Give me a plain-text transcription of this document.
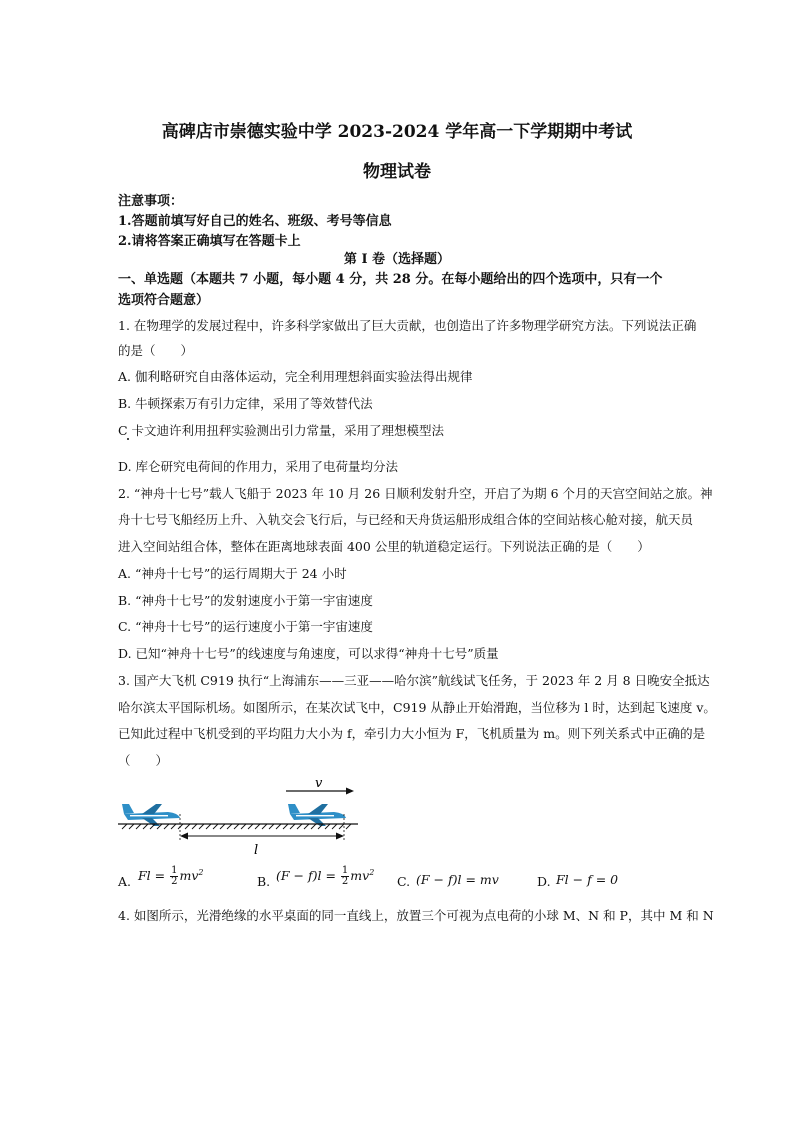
高碑店市崇德实验中学 2023-2024 学年高一下学期期中考试
物理试卷
注意事项：
1.答题前填写好自己的姓名、班级、考号等信息
2.请将答案正确填写在答题卡上
第 I 卷（选择题）
一、单选题（本题共 7 小题，每小题 4 分，共 28 分。在每小题给出的四个选项中，只有一个
选项符合题意）
1. 在物理学的发展过程中，许多科学家做出了巨大贡献，也创造出了许多物理学研究方法。下列说法正确
的是（　　）
A. 伽利略研究自由落体运动，完全利用理想斜面实验法得出规律
B. 牛顿探索万有引力定律，采用了等效替代法
C 卡文迪许利用扭秤实验测出引力常量，采用了理想模型法
D. 库仑研究电荷间的作用力，采用了电荷量均分法
2. “神舟十七号”载人飞船于 2023 年 10 月 26 日顺利发射升空，开启了为期 6 个月的天宫空间站之旅。神
舟十七号飞船经历上升、入轨交会飞行后，与已经和天舟货运船形成组合体的空间站核心舱对接，航天员
进入空间站组合体，整体在距离地球表面 400 公里的轨道稳定运行。下列说法正确的是（　　）
A. “神舟十七号”的运行周期大于 24 小时
B. “神舟十七号”的发射速度小于第一宇宙速度
C. “神舟十七号”的运行速度小于第一宇宙速度
D. 已知“神舟十七号”的线速度与角速度，可以求得“神舟十七号”质量
3. 国产大飞机 C919 执行“上海浦东——三亚——哈尔滨”航线试飞任务，于 2023 年 2 月 8 日晚安全抵达
哈尔滨太平国际机场。如图所示，在某次试飞中，C919 从静止开始滑跑，当位移为 l 时，达到起飞速度 v。
已知此过程中飞机受到的平均阻力大小为 f，牵引力大小恒为 F，飞机质量为 m。则下列关系式中正确的是
（　　）
v
l
A. $Fl = \frac{1}{2} mv^2$
B. $(F - f)l = \frac{1}{2} mv^2$
C. (F − f)l = mv	D. Fl − f = 0
4. 如图所示，光滑绝缘的水平桌面的同一直线上，放置三个可视为点电荷的小球 M、N 和 P，其中 M 和 N
